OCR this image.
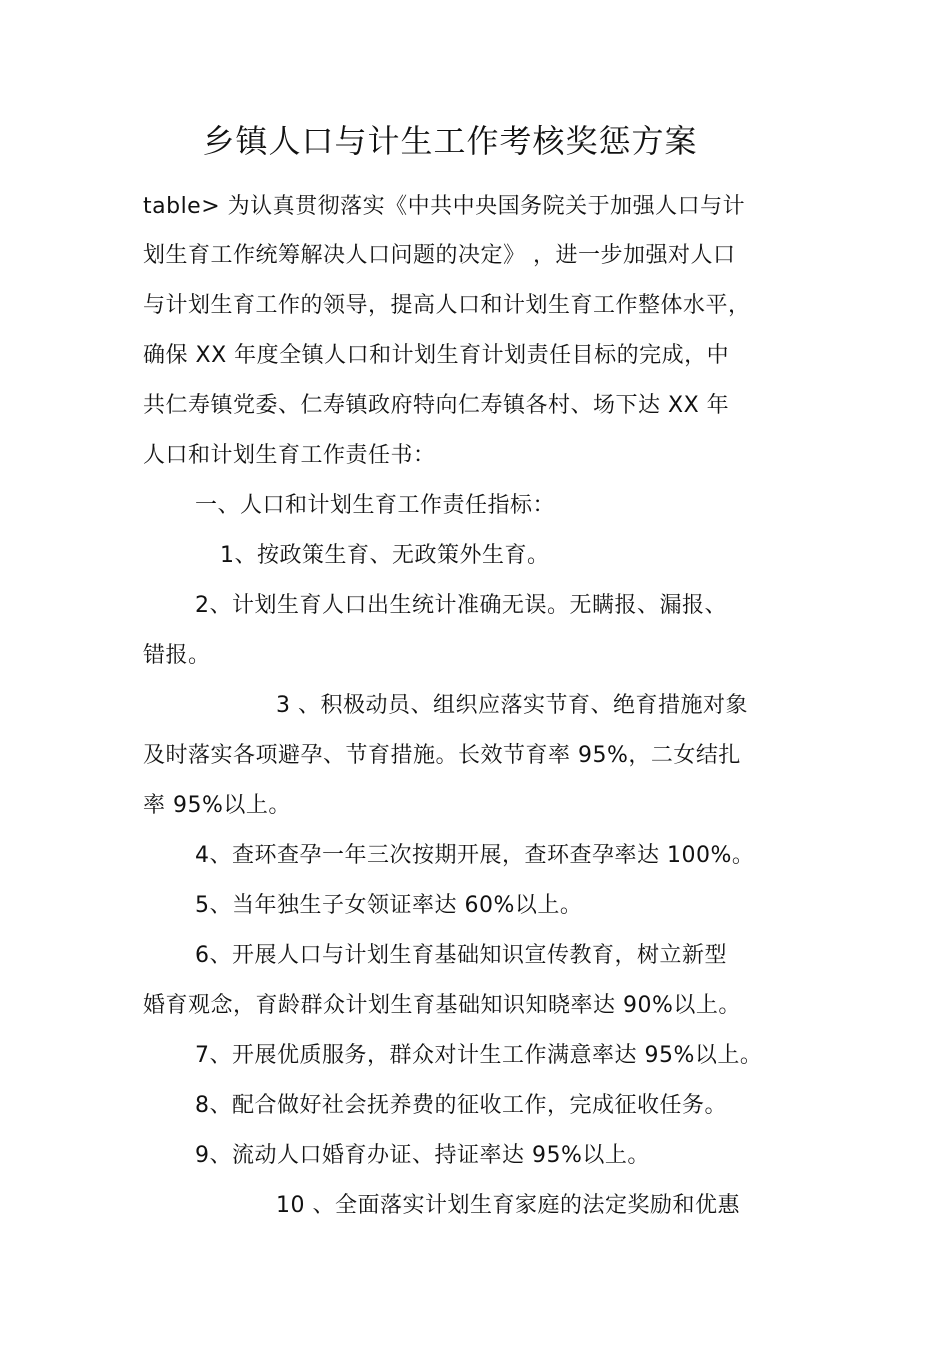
乡镇人口与计生工作考核奖惩方案
table> 为认真贯彻落实《中共中央国务院关于加强人口与计
划生育工作统筹解决人口问题的决定》 ，进一步加强对人口
与计划生育工作的领导，提高人口和计划生育工作整体水平，
确保 XX 年度全镇人口和计划生育计划责任目标的完成，中
共仁寿镇党委、仁寿镇政府特向仁寿镇各村、场下达 XX 年
人口和计划生育工作责任书：
一、人口和计划生育工作责任指标：
1、按政策生育、无政策外生育。
2、计划生育人口出生统计准确无误。无瞒报、漏报、
错报。
3 、积极动员、组织应落实节育、绝育措施对象
及时落实各项避孕、节育措施。长效节育率 95%，二女结扎
率 95%以上。
4、查环查孕一年三次按期开展，查环查孕率达 100%。
5、当年独生子女领证率达 60%以上。
6、开展人口与计划生育基础知识宣传教育，树立新型
婚育观念，育龄群众计划生育基础知识知晓率达 90%以上。
7、开展优质服务，群众对计生工作满意率达 95%以上。
8、配合做好社会抚养费的征收工作，完成征收任务。
9、流动人口婚育办证、持证率达 95%以上。
10 、全面落实计划生育家庭的法定奖励和优惠
